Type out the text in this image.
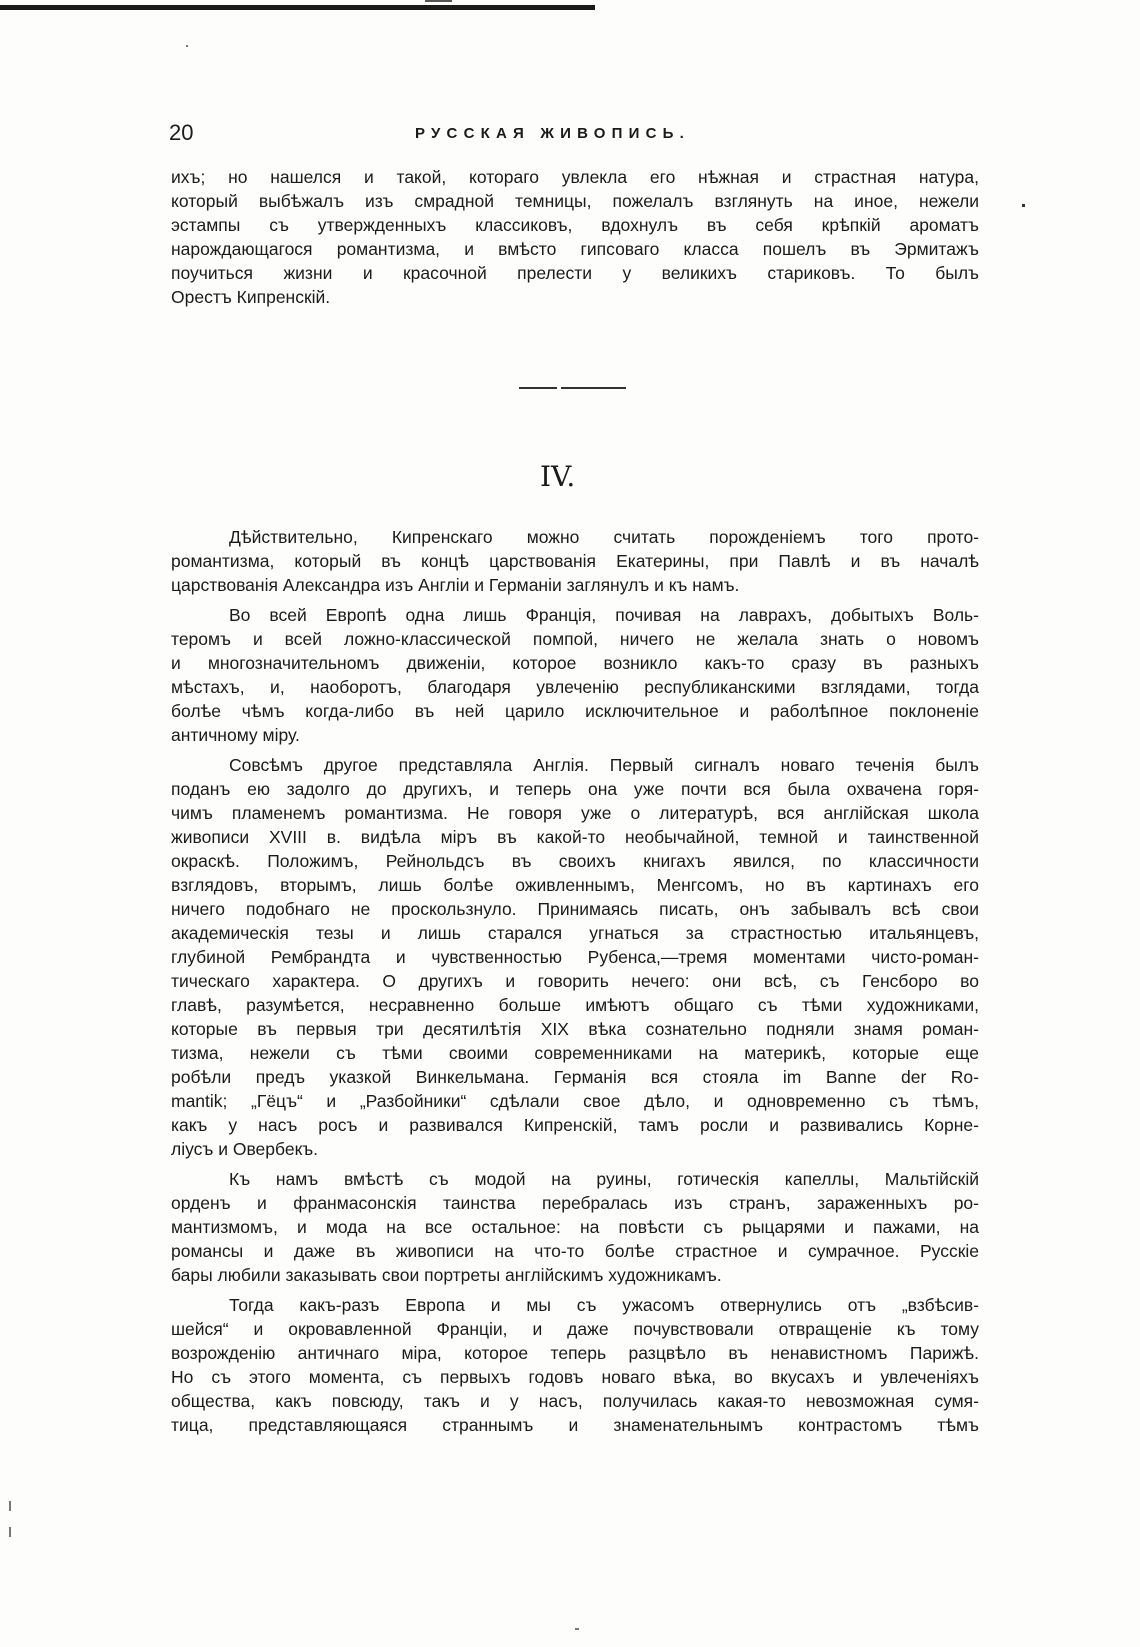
20	РУССКАЯ ЖИВОПИСЬ.
ихъ; но нашелся и такой, котораго увлекла его нѣжная и страстная натура,
который выбѣжалъ изъ смрадной темницы, пожелалъ взглянуть на иное, нежели
эстампы съ утвержденныхъ классиковъ, вдохнулъ въ себя крѣпкій ароматъ
нарождающагося романтизма, и вмѣсто гипсоваго класса пошелъ въ Эрмитажъ
поучиться жизни и красочной прелести у великихъ стариковъ. То былъ
Орестъ Кипренскій.
IV.
Дѣйствительно, Кипренскаго можно считать порожденіемъ того прото-
романтизма, который въ концѣ царствованія Екатерины, при Павлѣ и въ началѣ
царствованія Александра изъ Англіи и Германіи заглянулъ и къ намъ.
Во всей Европѣ одна лишь Франція, почивая на лаврахъ, добытыхъ Воль-
теромъ и всей ложно-классической помпой, ничего не желала знать о новомъ
и многозначительномъ движеніи, которое возникло какъ-то сразу въ разныхъ
мѣстахъ, и, наоборотъ, благодаря увлеченію республиканскими взглядами, тогда
болѣе чѣмъ когда-либо въ ней царило исключительное и раболѣпное поклоненіе
античному міру.
Совсѣмъ другое представляла Англія. Первый сигналъ новаго теченія былъ
поданъ ею задолго до другихъ, и теперь она уже почти вся была охвачена горя-
чимъ пламенемъ романтизма. Не говоря уже о литературѣ, вся англійская школа
живописи XVIII в. видѣла міръ въ какой-то необычайной, темной и таинственной
окраскѣ. Положимъ, Рейнольдсъ въ своихъ книгахъ явился, по классичности
взглядовъ, вторымъ, лишь болѣе оживленнымъ, Менгсомъ, но въ картинахъ его
ничего подобнаго не проскользнуло. Принимаясь писать, онъ забывалъ всѣ свои
академическія тезы и лишь старался угнаться за страстностью итальянцевъ,
глубиной Рембрандта и чувственностью Рубенса,—тремя моментами чисто-роман-
тическаго характера. О другихъ и говорить нечего: они всѣ, съ Генсборо во
главѣ, разумѣется, несравненно больше имѣютъ общаго съ тѣми художниками,
которые въ первыя три десятилѣтія XIX вѣка сознательно подняли знамя роман-
тизма, нежели съ тѣми своими современниками на материкѣ, которые еще
робѣли предъ указкой Винкельмана. Германія вся стояла im Banne der Ro-
mantik; „Гёцъ“ и „Разбойники“ сдѣлали свое дѣло, и одновременно съ тѣмъ,
какъ у насъ росъ и развивался Кипренскій, тамъ росли и развивались Корне-
ліусъ и Овербекъ.
Къ намъ вмѣстѣ съ модой на руины, готическія капеллы, Мальтійскій
орденъ и франмасонскія таинства перебралась изъ странъ, зараженныхъ ро-
мантизмомъ, и мода на все остальное: на повѣсти съ рыцарями и пажами, на
романсы и даже въ живописи на что-то болѣе страстное и сумрачное. Русскіе
бары любили заказывать свои портреты англійскимъ художникамъ.
Тогда какъ-разъ Европа и мы съ ужасомъ отвернулись отъ „взбѣсив-
шейся“ и окровавленной Франціи, и даже почувствовали отвращеніе къ тому
возрожденію античнаго міра, которое теперь разцвѣло въ ненавистномъ Парижѣ.
Но съ этого момента, съ первыхъ годовъ новаго вѣка, во вкусахъ и увлеченіяхъ
общества, какъ повсюду, такъ и у насъ, получилась какая-то невозможная сумя-
тица, представляющаяся страннымъ и знаменательнымъ контрастомъ тѣмъ
